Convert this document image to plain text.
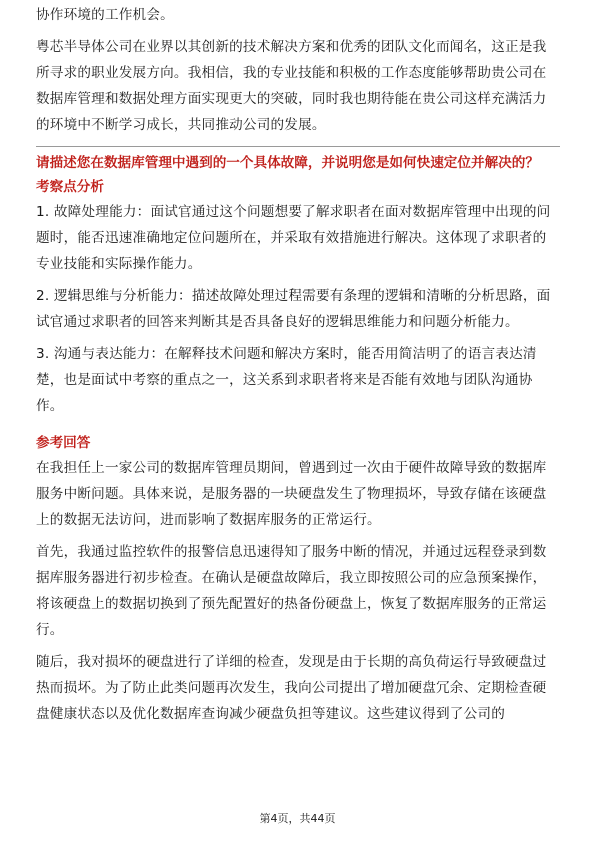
协作环境的工作机会。

粤芯半导体公司在业界以其创新的技术解决方案和优秀的团队文化而闻名，这正是我所寻求的职业发展方向。我相信，我的专业技能和积极的工作态度能够帮助贵公司在数据库管理和数据处理方面实现更大的突破，同时我也期待能在贵公司这样充满活力的环境中不断学习成长，共同推动公司的发展。

请描述您在数据库管理中遇到的一个具体故障，并说明您是如何快速定位并解决的？
考察点分析

1. 故障处理能力：面试官通过这个问题想要了解求职者在面对数据库管理中出现的问题时，能否迅速准确地定位问题所在，并采取有效措施进行解决。这体现了求职者的专业技能和实际操作能力。

2. 逻辑思维与分析能力：描述故障处理过程需要有条理的逻辑和清晰的分析思路，面试官通过求职者的回答来判断其是否具备良好的逻辑思维能力和问题分析能力。

3. 沟通与表达能力：在解释技术问题和解决方案时，能否用简洁明了的语言表达清楚，也是面试中考察的重点之一，这关系到求职者将来是否能有效地与团队沟通协作。

参考回答

在我担任上一家公司的数据库管理员期间，曾遇到过一次由于硬件故障导致的数据库服务中断问题。具体来说，是服务器的一块硬盘发生了物理损坏，导致存储在该硬盘上的数据无法访问，进而影响了数据库服务的正常运行。

首先，我通过监控软件的报警信息迅速得知了服务中断的情况，并通过远程登录到数据库服务器进行初步检查。在确认是硬盘故障后，我立即按照公司的应急预案操作，将该硬盘上的数据切换到了预先配置好的热备份硬盘上，恢复了数据库服务的正常运行。

随后，我对损坏的硬盘进行了详细的检查，发现是由于长期的高负荷运行导致硬盘过热而损坏。为了防止此类问题再次发生，我向公司提出了增加硬盘冗余、定期检查硬盘健康状态以及优化数据库查询减少硬盘负担等建议。这些建议得到了公司的

第4页，共44页
